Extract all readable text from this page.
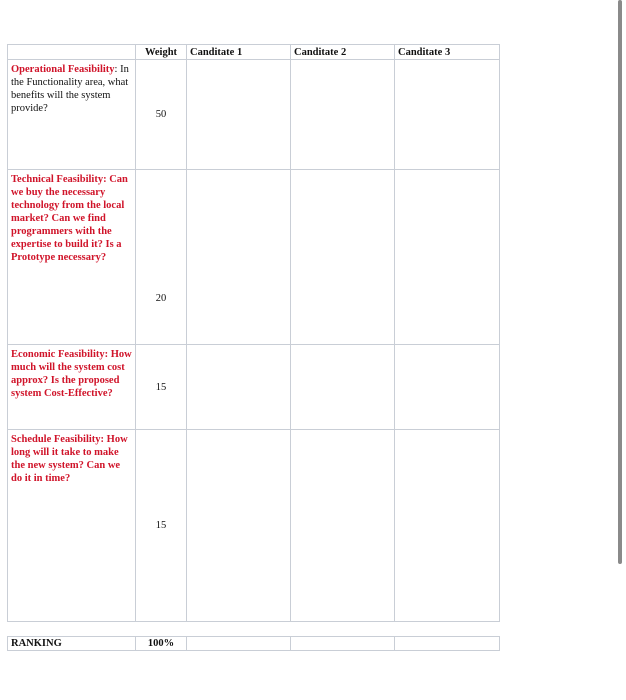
	Weight	Canditate 1	Canditate 2	Canditate 3
Operational Feasibility: In the Functionality area, what benefits will the system provide?	50			
Technical Feasibility: Can we buy the necessary technology from the local market? Can we find programmers with the expertise to build it? Is a Prototype necessary?	20			
Economic Feasibility: How much will the system cost approx? Is the proposed system Cost-Effective?	15			
Schedule Feasibility: How long will it take to make the new system? Can we do it in time?	15			

RANKING	100%			
